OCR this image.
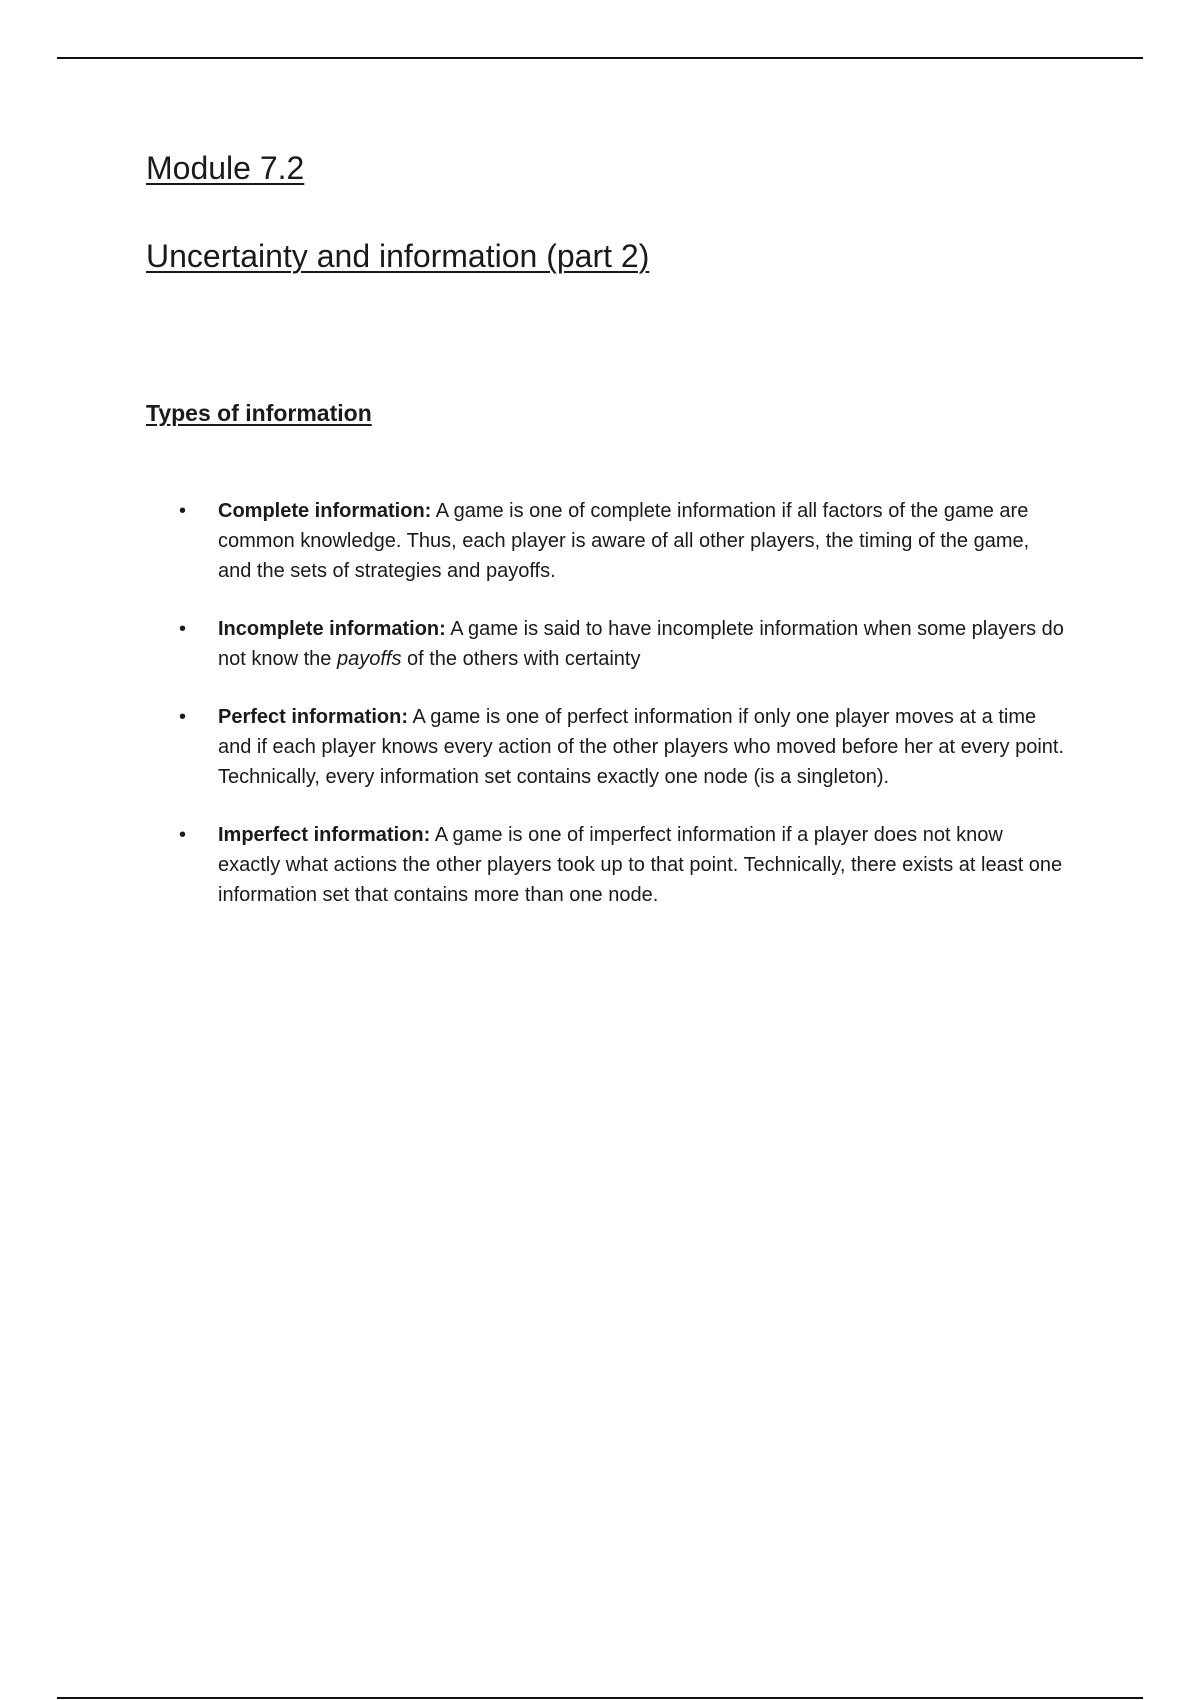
Module 7.2
Uncertainty and information (part 2)
Types of information
• Complete information: A game is one of complete information if all factors of the game are common knowledge. Thus, each player is aware of all other players, the timing of the game, and the sets of strategies and payoffs.
• Incomplete information: A game is said to have incomplete information when some players do not know the payoffs of the others with certainty
• Perfect information: A game is one of perfect information if only one player moves at a time and if each player knows every action of the other players who moved before her at every point. Technically, every information set contains exactly one node (is a singleton).
• Imperfect information: A game is one of imperfect information if a player does not know exactly what actions the other players took up to that point. Technically, there exists at least one information set that contains more than one node.
